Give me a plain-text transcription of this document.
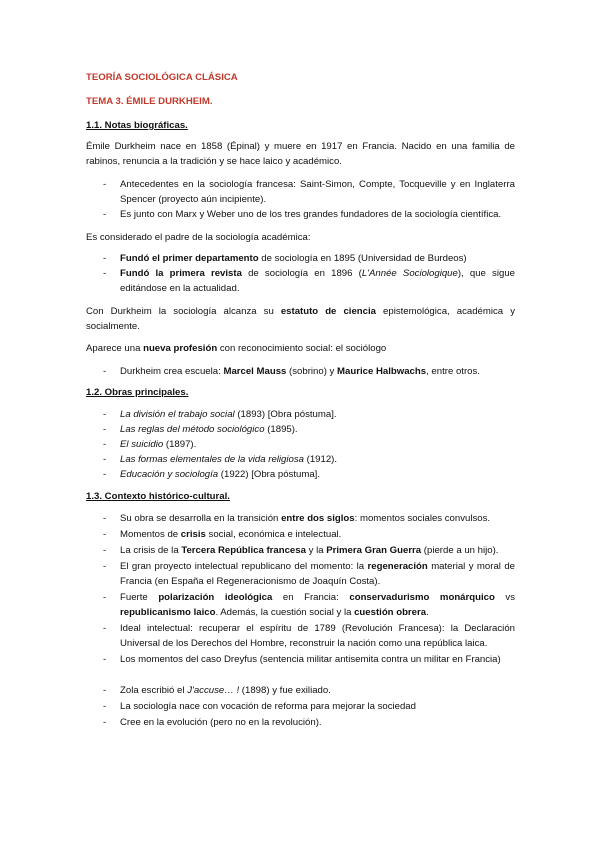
TEORÍA SOCIOLÓGICA CLÁSICA
TEMA 3. ÉMILE DURKHEIM.
1.1. Notas biográficas.
Émile Durkheim nace en 1858 (Épinal) y muere en 1917 en Francia. Nacido en una familia de rabinos, renuncia a la tradición y se hace laico y académico.
- Antecedentes en la sociología francesa: Saint-Simon, Compte, Tocqueville y en Inglaterra Spencer (proyecto aún incipiente).
- Es junto con Marx y Weber uno de los tres grandes fundadores de la sociología científica.
Es considerado el padre de la sociología académica:
- Fundó el primer departamento de sociología en 1895 (Universidad de Burdeos)
- Fundó la primera revista de sociología en 1896 (L'Année Sociologique), que sigue editándose en la actualidad.
Con Durkheim la sociología alcanza su estatuto de ciencia epistemológica, académica y socialmente.
Aparece una nueva profesión con reconocimiento social: el sociólogo
- Durkheim crea escuela: Marcel Mauss (sobrino) y Maurice Halbwachs, entre otros.
1.2. Obras principales.
- La división el trabajo social (1893) [Obra póstuma].
- Las reglas del método sociológico (1895).
- El suicidio (1897).
- Las formas elementales de la vida religiosa (1912).
- Educación y sociología (1922) [Obra póstuma].
1.3. Contexto histórico-cultural.
- Su obra se desarrolla en la transición entre dos siglos: momentos sociales convulsos.
- Momentos de crisis social, económica e intelectual.
- La crisis de la Tercera República francesa y la Primera Gran Guerra (pierde a un hijo).
- El gran proyecto intelectual republicano del momento: la regeneración material y moral de Francia (en España el Regeneracionismo de Joaquín Costa).
- Fuerte polarización ideológica en Francia: conservadurismo monárquico vs republicanismo laico. Además, la cuestión social y la cuestión obrera.
- Ideal intelectual: recuperar el espíritu de 1789 (Revolución Francesa): la Declaración Universal de los Derechos del Hombre, reconstruir la nación como una república laica.
- Los momentos del caso Dreyfus (sentencia militar antisemita contra un militar en Francia)
- Zola escribió el J'accuse… ! (1898) y fue exiliado.
- La sociología nace con vocación de reforma para mejorar la sociedad
- Cree en la evolución (pero no en la revolución).
